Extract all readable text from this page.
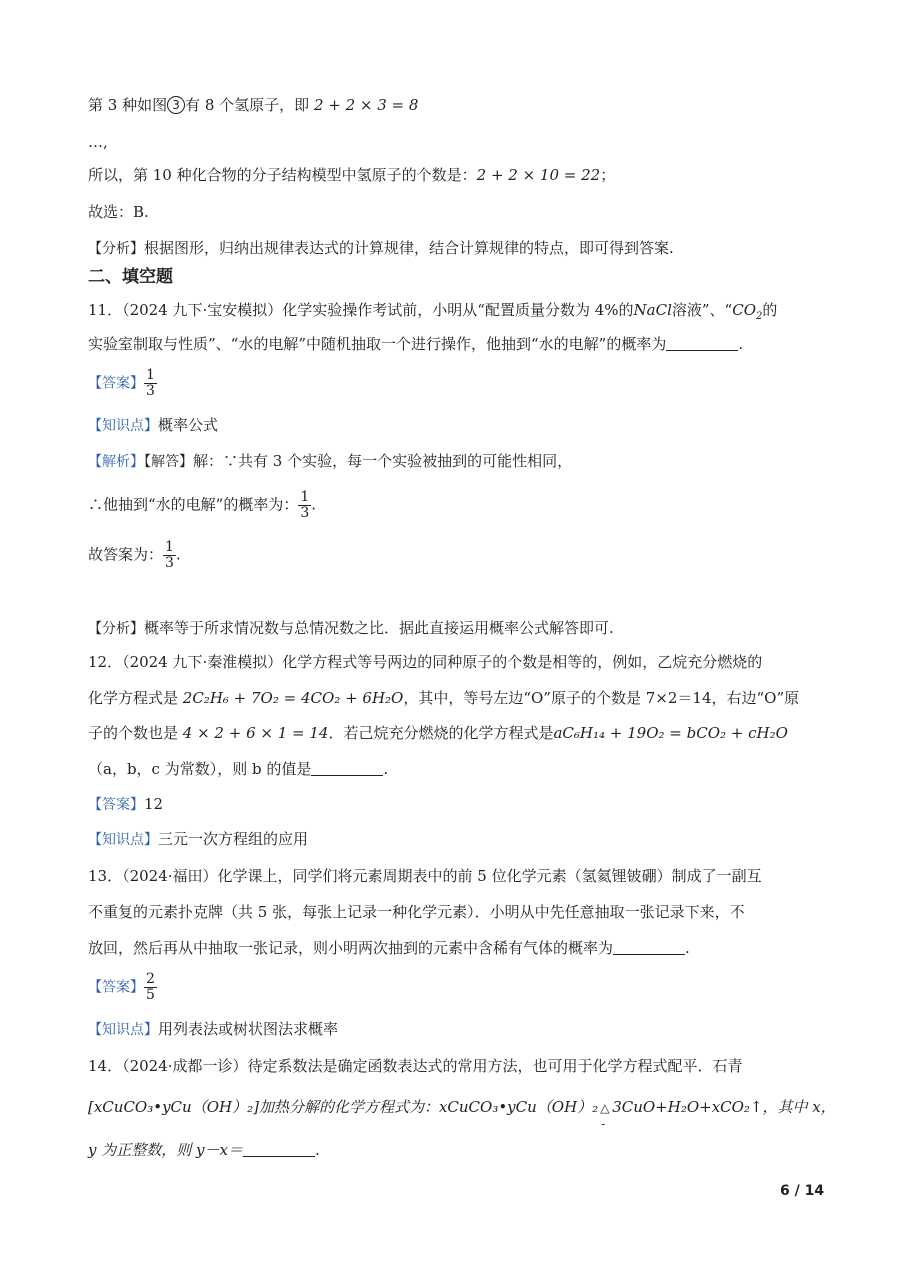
第 3 种如图 3 有 8 个氢原子，即 2 + 2 × 3 = 8
…,
所以，第 10 种化合物的分子结构模型中氢原子的个数是：2 + 2 × 10 = 22；
故选：B.
【分析】根据图形，归纳出规律表达式的计算规律，结合计算规律的特点，即可得到答案.
二、填空题
11．（2024 九下·宝安模拟）化学实验操作考试前，小明从“配置质量分数为 4%的NaCl溶液”、“$CO_2$的
实验室制取与性质”、“水的电解”中随机抽取一个进行操作，他抽到“水的电解”的概率为	.
【答案】 $\frac{1}{3}$
【知识点】概率公式
【解析】【解答】解：∵共有 3 个实验，每一个实验被抽到的可能性相同，
∴他抽到“水的电解”的概率为： $\frac{1}{3}$ .
故答案为： $\frac{1}{3}$ .
【分析】概率等于所求情况数与总情况数之比．据此直接运用概率公式解答即可.
12．（2024 九下·秦淮模拟）化学方程式等号两边的同种原子的个数是相等的，例如，乙烷充分燃烧的
化学方程式是 2C₂H₆ + 7O₂ = 4CO₂ + 6H₂O，其中，等号左边“O”原子的个数是 7×2＝14，右边“O”原
子的个数也是 4 × 2 + 6 × 1 = 14．若己烷充分燃烧的化学方程式是aC₆H₁₄ + 19O₂ = bCO₂ + cH₂O
（a，b，c 为常数），则 b 的值是	.
【答案】12
【知识点】三元一次方程组的应用
13．（2024·福田）化学课上，同学们将元素周期表中的前 5 位化学元素（氢氦锂铍硼）制成了一副互
不重复的元素扑克牌（共 5 张，每张上记录一种化学元素）．小明从中先任意抽取一张记录下来，不
放回，然后再从中抽取一张记录，则小明两次抽到的元素中含稀有气体的概率为	.
【答案】 $\frac{2}{5}$
【知识点】用列表法或树状图法求概率
14．（2024·成都一诊）待定系数法是确定函数表达式的常用方法，也可用于化学方程式配平．石青
[xCuCO₃•yCu（OH）₂]加热分解的化学方程式为：xCuCO₃•yCu（OH）₂ △
-
3CuO+H₂O+xCO₂↑，其中 x，
y 为正整数，则 y－x＝	.
6 / 14
